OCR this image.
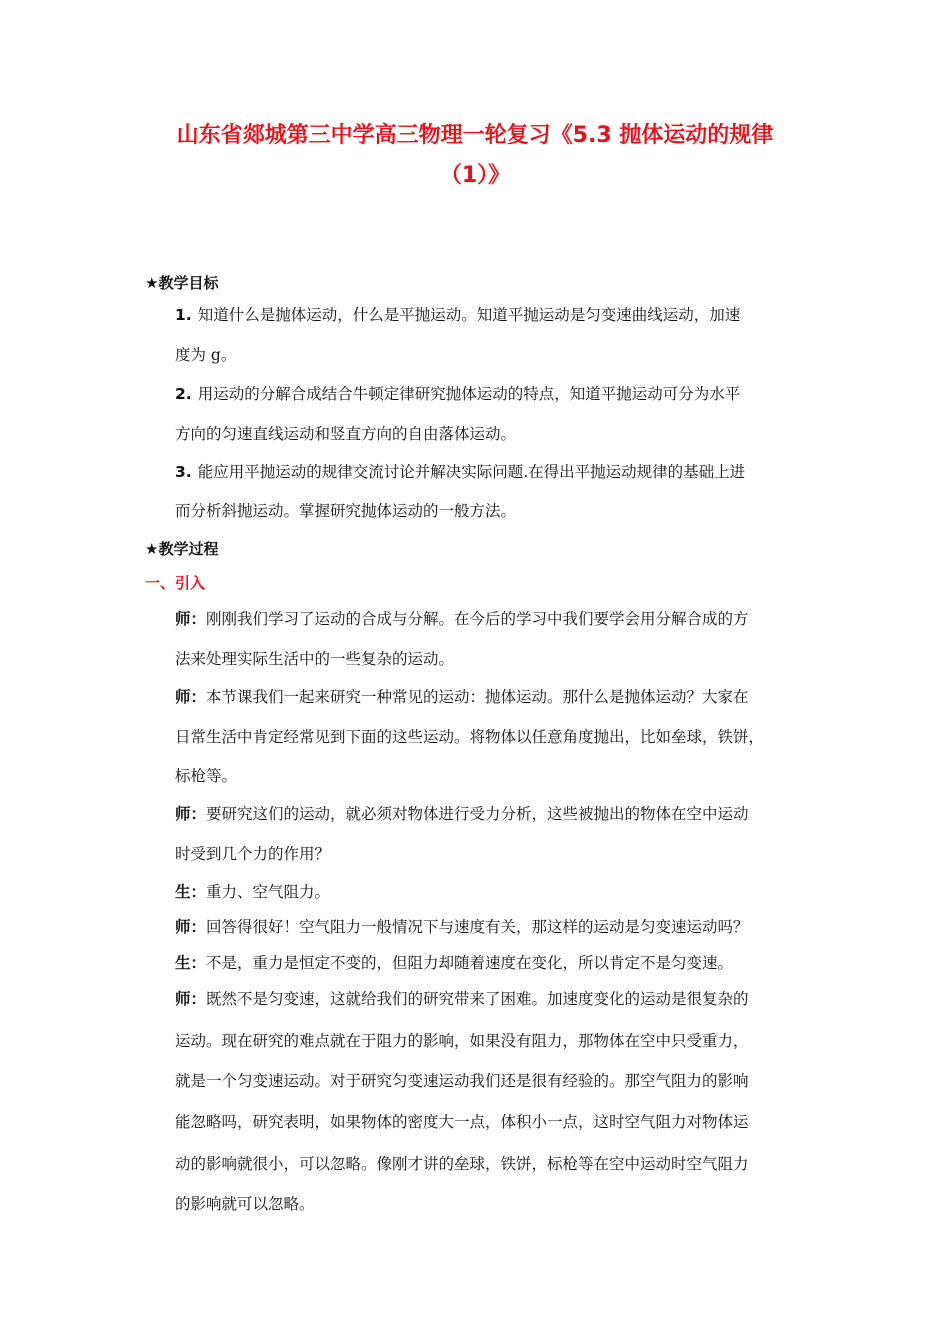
山东省郯城第三中学高三物理一轮复习《5.3 抛体运动的规律
（1）》
★教学目标
1. 知道什么是抛体运动，什么是平抛运动。知道平抛运动是匀变速曲线运动，加速
度为 g。
2. 用运动的分解合成结合牛顿定律研究抛体运动的特点，知道平抛运动可分为水平
方向的匀速直线运动和竖直方向的自由落体运动。
3. 能应用平抛运动的规律交流讨论并解决实际问题.在得出平抛运动规律的基础上进
而分析斜抛运动。掌握研究抛体运动的一般方法。
★教学过程
一、引入
师：刚刚我们学习了运动的合成与分解。在今后的学习中我们要学会用分解合成的方
法来处理实际生活中的一些复杂的运动。
师：本节课我们一起来研究一种常见的运动：抛体运动。那什么是抛体运动？大家在
日常生活中肯定经常见到下面的这些运动。将物体以任意角度抛出，比如垒球，铁饼，
标枪等。
师：要研究这们的运动，就必须对物体进行受力分析，这些被抛出的物体在空中运动
时受到几个力的作用？
生：重力、空气阻力。
师：回答得很好！空气阻力一般情况下与速度有关，那这样的运动是匀变速运动吗？
生：不是，重力是恒定不变的，但阻力却随着速度在变化，所以肯定不是匀变速。
师：既然不是匀变速，这就给我们的研究带来了困难。加速度变化的运动是很复杂的
运动。现在研究的难点就在于阻力的影响，如果没有阻力，那物体在空中只受重力，
就是一个匀变速运动。对于研究匀变速运动我们还是很有经验的。那空气阻力的影响
能忽略吗，研究表明，如果物体的密度大一点，体积小一点，这时空气阻力对物体运
动的影响就很小，可以忽略。像刚才讲的垒球，铁饼，标枪等在空中运动时空气阻力
的影响就可以忽略。
